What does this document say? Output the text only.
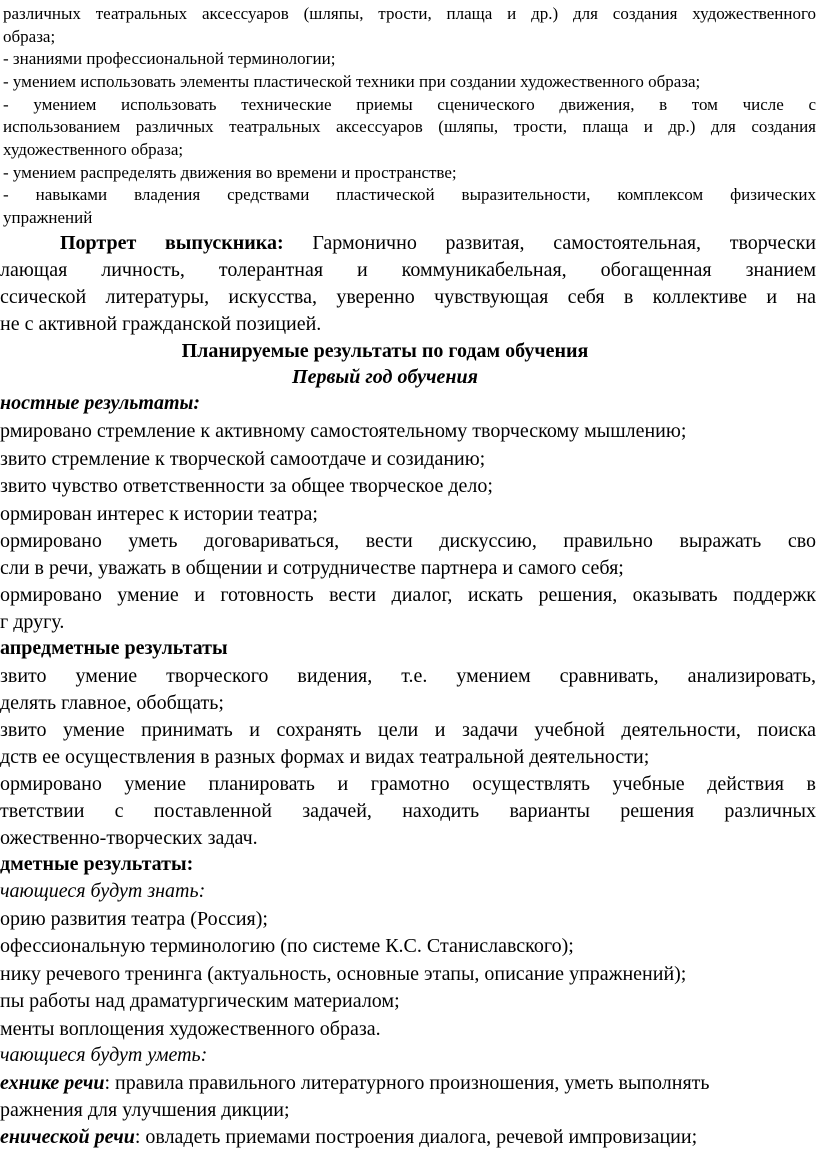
различных театральных аксессуаров (шляпы, трости, плаща и др.) для создания художественного
образа;
- знаниями профессиональной терминологии;
- умением использовать элементы пластической техники при создании художественного образа;
- умением использовать технические приемы сценического движения, в том числе с
использованием различных театральных аксессуаров (шляпы, трости, плаща и др.) для создания
художественного образа;
- умением распределять движения во времени и пространстве;
- навыками владения средствами пластической выразительности, комплексом физических
упражнений
Портрет выпускника: Гармонично развитая, самостоятельная, творчески
лающая личность, толерантная и коммуникабельная, обогащенная знанием
ссической литературы, искусства, уверенно чувствующая себя в коллективе и на
не с активной гражданской позицией.
Планируемые результаты по годам обучения
Первый год обучения
ностные результаты:
рмировано стремление к активному самостоятельному творческому мышлению;
звито стремление к творческой самоотдаче и созиданию;
звито чувство ответственности за общее творческое дело;
ормирован интерес к истории театра;
ормировано уметь договариваться, вести дискуссию, правильно выражать сво
сли в речи, уважать в общении и сотрудничестве партнера и самого себя;
ормировано умение и готовность вести диалог, искать решения, оказывать поддержк
г другу.
апредметные результаты
звито умение творческого видения, т.е. умением сравнивать, анализировать,
делять главное, обобщать;
звито умение принимать и сохранять цели и задачи учебной деятельности, поиска
дств ее осуществления в разных формах и видах театральной деятельности;
ормировано умение планировать и грамотно осуществлять учебные действия в
тветствии с поставленной задачей, находить варианты решения различных
ожественно-творческих задач.
дметные результаты:
чающиеся будут знать:
орию развития театра (Россия);
офессиональную терминологию (по системе К.С. Станиславского);
нику речевого тренинга (актуальность, основные этапы, описание упражнений);
пы работы над драматургическим материалом;
менты воплощения художественного образа.
чающиеся будут уметь:
ехнике речи: правила правильного литературного произношения, уметь выполнять
ражнения для улучшения дикции;
енической речи: овладеть приемами построения диалога, речевой импровизации;
